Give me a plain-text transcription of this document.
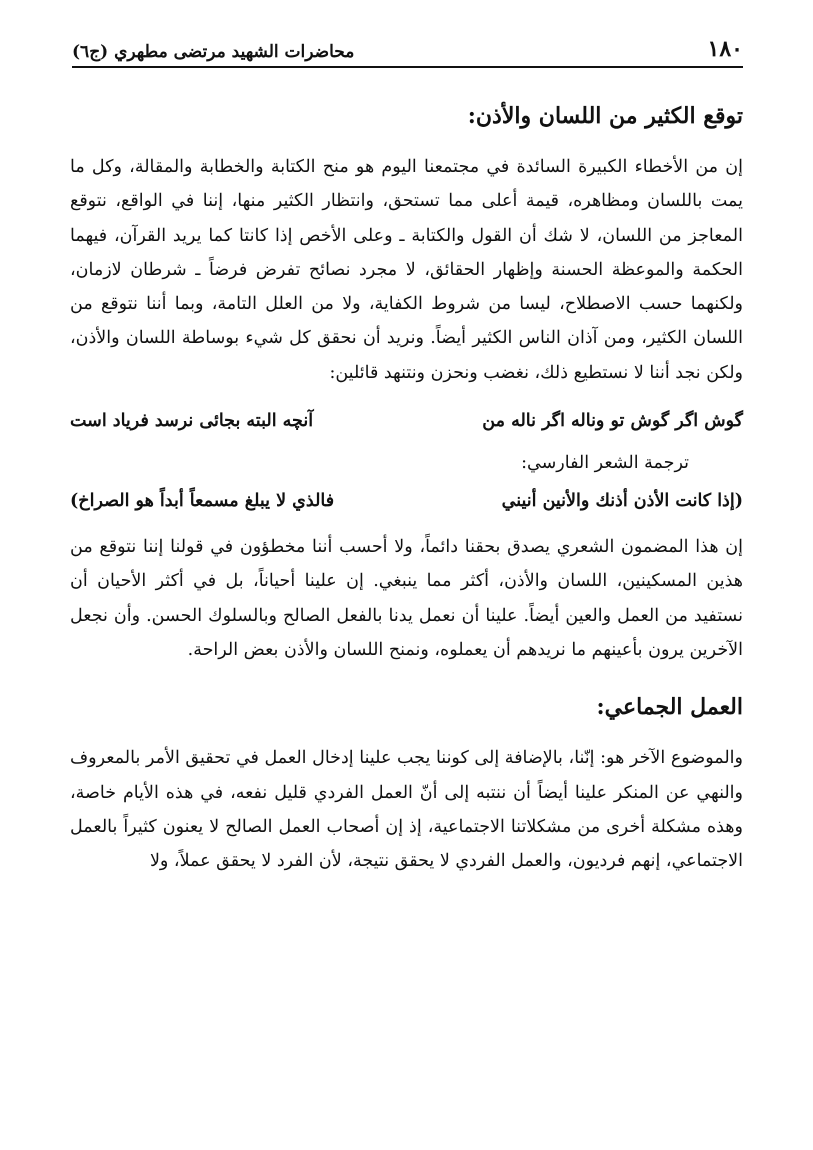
١٨٠
محاضرات الشهيد مرتضى مطهري (ج٦)
توقع الكثير من اللسان والأذن:

إن من الأخطاء الكبيرة السائدة في مجتمعنا اليوم هو منح الكتابة والخطابة والمقالة، وكل ما يمت باللسان ومظاهره، قيمة أعلى مما تستحق، وانتظار الكثير منها، إننا في الواقع، نتوقع المعاجز من اللسان، لا شك أن القول والكتابة ـ وعلى الأخص إذا كانتا كما يريد القرآن، فيهما الحكمة والموعظة الحسنة وإظهار الحقائق، لا مجرد نصائح تفرض فرضاً ـ شرطان لازمان، ولكنهما حسب الاصطلاح، ليسا من شروط الكفاية، ولا من العلل التامة، وبما أننا نتوقع من اللسان الكثير، ومن آذان الناس الكثير أيضاً. ونريد أن نحقق كل شيء بوساطة اللسان والأذن، ولكن نجد أننا لا نستطيع ذلك، نغضب ونحزن ونتنهد قائلين:

گوش اگر گوش تو وناله اگر ناله من
آنچه البته بجائی نرسد فریاد است
ترجمة الشعر الفارسي:
(إذا كانت الأذن أذنك والأنين أنيني
فالذي لا يبلغ مسمعاً أبداً هو الصراخ)

إن هذا المضمون الشعري يصدق بحقنا دائماً، ولا أحسب أننا مخطؤون في قولنا إننا نتوقع من هذين المسكينين، اللسان والأذن، أكثر مما ينبغي. إن علينا أحياناً، بل في أكثر الأحيان أن نستفيد من العمل والعين أيضاً. علينا أن نعمل يدنا بالفعل الصالح وبالسلوك الحسن. وأن نجعل الآخرين يرون بأعينهم ما نريدهم أن يعملوه، ونمنح اللسان والأذن بعض الراحة.

العمل الجماعي:

والموضوع الآخر هو: إنّنا، بالإضافة إلى كوننا يجب علينا إدخال العمل في تحقيق الأمر بالمعروف والنهي عن المنكر علينا أيضاً أن ننتبه إلى أنّ العمل الفردي قليل نفعه، في هذه الأيام خاصة، وهذه مشكلة أخرى من مشكلاتنا الاجتماعية، إذ إن أصحاب العمل الصالح لا يعنون كثيراً بالعمل الاجتماعي، إنهم فرديون، والعمل الفردي لا يحقق نتيجة، لأن الفرد لا يحقق عملاً، ولا
